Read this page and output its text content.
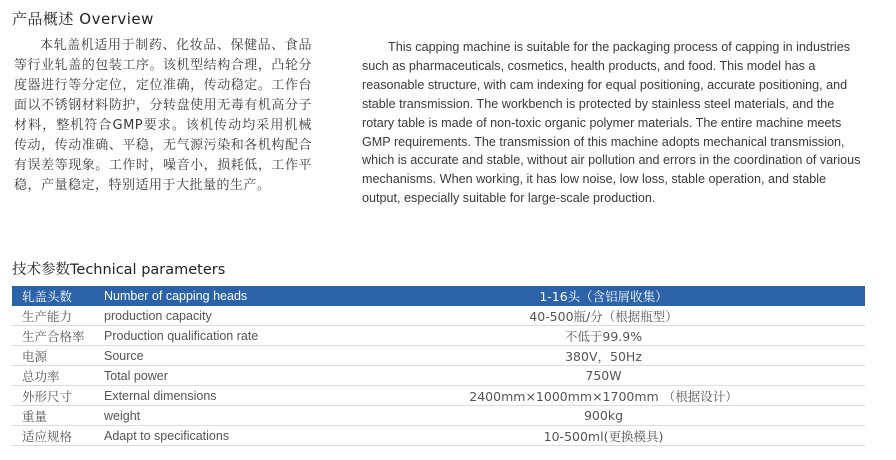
产品概述 Overview
本轧盖机适用于制药、化妆品、保健品、食品等行业轧盖的包装工序。该机型结构合理，凸轮分度器进行等分定位，定位准确，传动稳定。工作台面以不锈钢材料防护，分转盘使用无毒有机高分子材料，整机符合GMP要求。该机传动均采用机械传动，传动准确、平稳，无气源污染和各机构配合有误差等现象。工作时，噪音小，损耗低，工作平稳，产量稳定，特别适用于大批量的生产。
This capping machine is suitable for the packaging process of capping in industries such as pharmaceuticals, cosmetics, health products, and food. This model has a reasonable structure, with cam indexing for equal positioning, accurate positioning, and stable transmission. The workbench is protected by stainless steel materials, and the rotary table is made of non-toxic organic polymer materials. The entire machine meets GMP requirements. The transmission of this machine adopts mechanical transmission, which is accurate and stable, without air pollution and errors in the coordination of various mechanisms. When working, it has low noise, low loss, stable operation, and stable output, especially suitable for large-scale production.
技术参数Technical parameters
轧盖头数	Number of capping heads	1-16头（含铝屑收集）
生产能力	production capacity	40-500瓶/分（根据瓶型）
生产合格率	Production qualification rate	不低于99.9%
电源	Source	380V，50Hz
总功率	Total power	750W
外形尺寸	External dimensions	2400mm×1000mm×1700mm （根据设计）
重量	weight	900kg
适应规格	Adapt to specifications	10-500ml(更换模具)
